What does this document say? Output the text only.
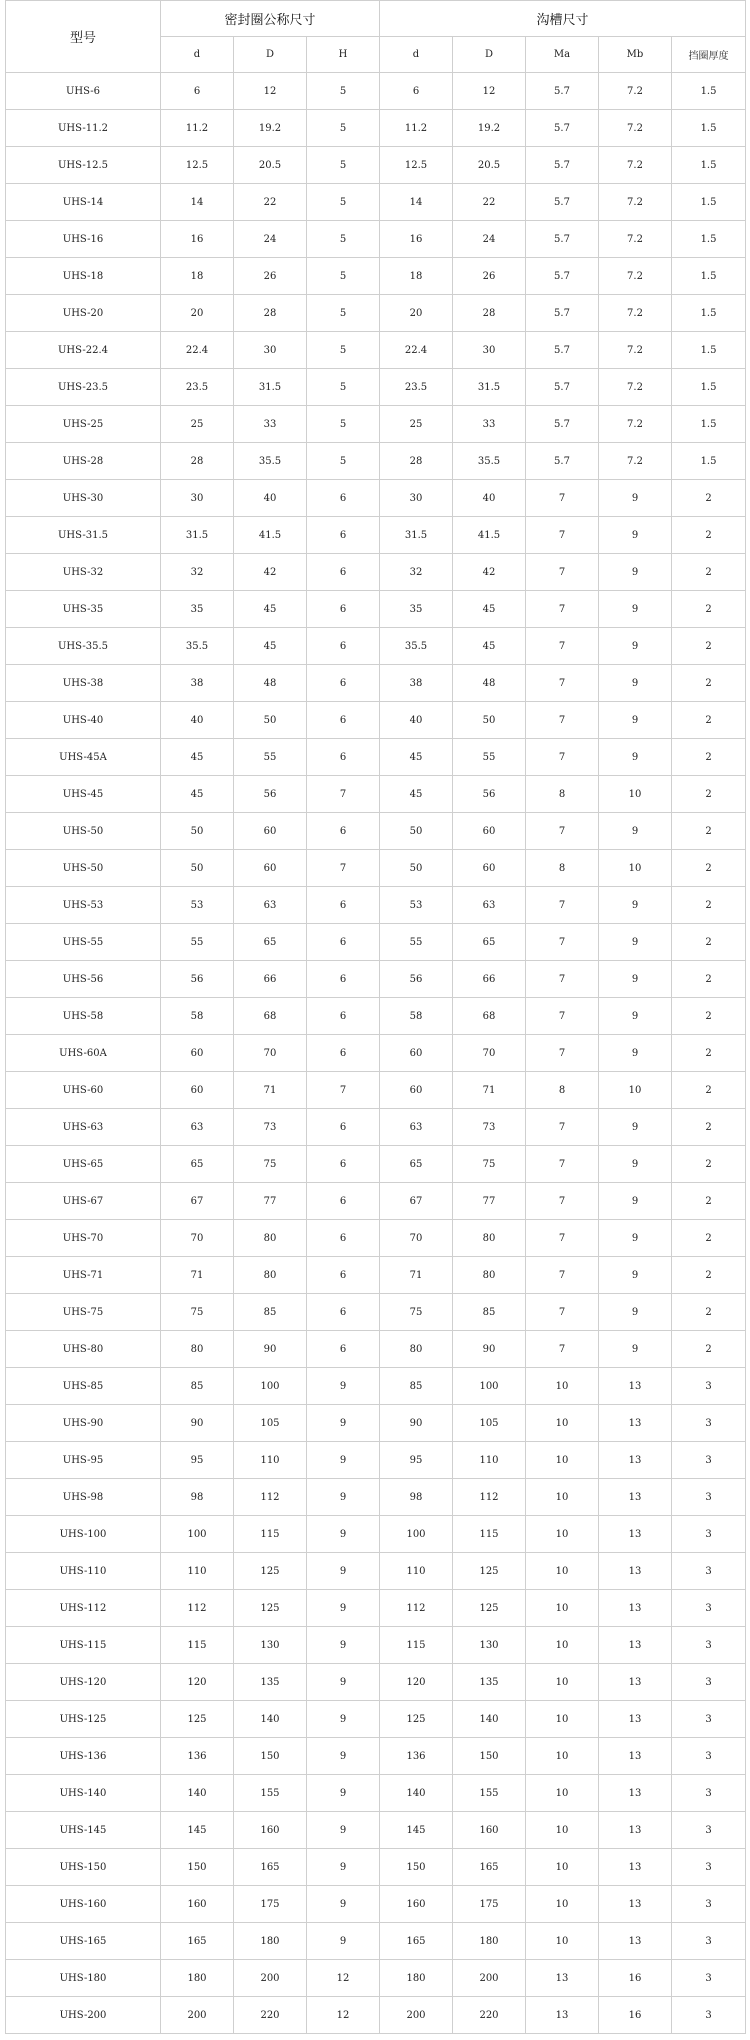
型号	密封圈公称尺寸			沟槽尺寸				
	d	D	H	d	D	Ma	Mb	挡圈厚度
UHS-6	6	12	5	6	12	5.7	7.2	1.5
UHS-11.2	11.2	19.2	5	11.2	19.2	5.7	7.2	1.5
UHS-12.5	12.5	20.5	5	12.5	20.5	5.7	7.2	1.5
UHS-14	14	22	5	14	22	5.7	7.2	1.5
UHS-16	16	24	5	16	24	5.7	7.2	1.5
UHS-18	18	26	5	18	26	5.7	7.2	1.5
UHS-20	20	28	5	20	28	5.7	7.2	1.5
UHS-22.4	22.4	30	5	22.4	30	5.7	7.2	1.5
UHS-23.5	23.5	31.5	5	23.5	31.5	5.7	7.2	1.5
UHS-25	25	33	5	25	33	5.7	7.2	1.5
UHS-28	28	35.5	5	28	35.5	5.7	7.2	1.5
UHS-30	30	40	6	30	40	7	9	2
UHS-31.5	31.5	41.5	6	31.5	41.5	7	9	2
UHS-32	32	42	6	32	42	7	9	2
UHS-35	35	45	6	35	45	7	9	2
UHS-35.5	35.5	45	6	35.5	45	7	9	2
UHS-38	38	48	6	38	48	7	9	2
UHS-40	40	50	6	40	50	7	9	2
UHS-45A	45	55	6	45	55	7	9	2
UHS-45	45	56	7	45	56	8	10	2
UHS-50	50	60	6	50	60	7	9	2
UHS-50	50	60	7	50	60	8	10	2
UHS-53	53	63	6	53	63	7	9	2
UHS-55	55	65	6	55	65	7	9	2
UHS-56	56	66	6	56	66	7	9	2
UHS-58	58	68	6	58	68	7	9	2
UHS-60A	60	70	6	60	70	7	9	2
UHS-60	60	71	7	60	71	8	10	2
UHS-63	63	73	6	63	73	7	9	2
UHS-65	65	75	6	65	75	7	9	2
UHS-67	67	77	6	67	77	7	9	2
UHS-70	70	80	6	70	80	7	9	2
UHS-71	71	80	6	71	80	7	9	2
UHS-75	75	85	6	75	85	7	9	2
UHS-80	80	90	6	80	90	7	9	2
UHS-85	85	100	9	85	100	10	13	3
UHS-90	90	105	9	90	105	10	13	3
UHS-95	95	110	9	95	110	10	13	3
UHS-98	98	112	9	98	112	10	13	3
UHS-100	100	115	9	100	115	10	13	3
UHS-110	110	125	9	110	125	10	13	3
UHS-112	112	125	9	112	125	10	13	3
UHS-115	115	130	9	115	130	10	13	3
UHS-120	120	135	9	120	135	10	13	3
UHS-125	125	140	9	125	140	10	13	3
UHS-136	136	150	9	136	150	10	13	3
UHS-140	140	155	9	140	155	10	13	3
UHS-145	145	160	9	145	160	10	13	3
UHS-150	150	165	9	150	165	10	13	3
UHS-160	160	175	9	160	175	10	13	3
UHS-165	165	180	9	165	180	10	13	3
UHS-180	180	200	12	180	200	13	16	3
UHS-200	200	220	12	200	220	13	16	3
